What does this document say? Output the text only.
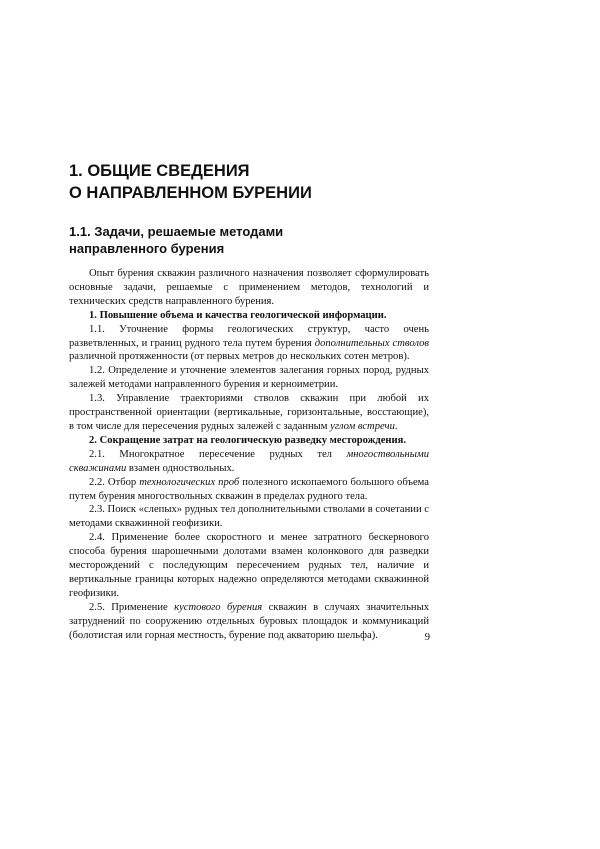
1. ОБЩИЕ СВЕДЕНИЯ
О НАПРАВЛЕННОМ БУРЕНИИ
1.1. Задачи, решаемые методами
направленного бурения

Опыт бурения скважин различного назначения позволяет сформулировать основные задачи, решаемые с применением методов, технологий и технических средств направленного бурения.

1. Повышение объема и качества геологической информации.

1.1. Уточнение формы геологических структур, часто очень разветвленных, и границ рудного тела путем бурения дополнительных стволов различной протяженности (от первых метров до нескольких сотен метров).

1.2. Определение и уточнение элементов залегания горных пород, рудных залежей методами направленного бурения и керноиметрии.

1.3. Управление траекториями стволов скважин при любой их пространственной ориентации (вертикальные, горизонтальные, восстающие), в том числе для пересечения рудных залежей с заданным углом встречи.

2. Сокращение затрат на геологическую разведку месторождения.

2.1. Многократное пересечение рудных тел многоствольными скважинами взамен одноствольных.

2.2. Отбор технологических проб полезного ископаемого большого объема путем бурения многоствольных скважин в пределах рудного тела.

2.3. Поиск «слепых» рудных тел дополнительными стволами в сочетании с методами скважинной геофизики.

2.4. Применение более скоростного и менее затратного бескернового способа бурения шарошечными долотами взамен колонкового для разведки месторождений с последующим пересечением рудных тел, наличие и вертикальные границы которых надежно определяются методами скважинной геофизики.

2.5. Применение кустового бурения скважин в случаях значительных затруднений по сооружению отдельных буровых площадок и коммуникаций (болотистая или горная местность, бурение под акваторию шельфа).	9
